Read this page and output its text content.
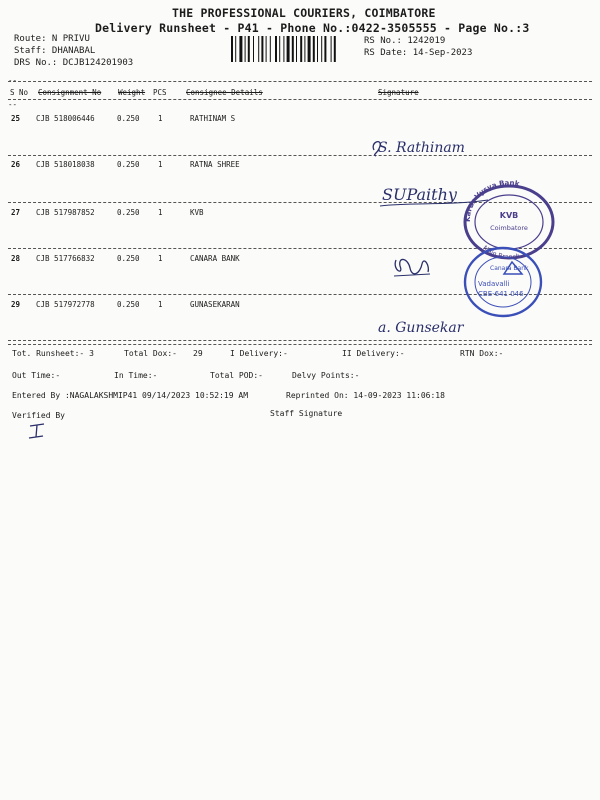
THE PROFESSIONAL COURIERS, COIMBATORE
Delivery Runsheet - P41 - Phone No.:0422-3505555 - Page No.:3
Route: N PRIVU
Staff: DHANABAL
DRS No.: DCJB124201903
RS No.: 1242019
RS Date: 14-Sep-2023
--
S No Consignment No Weight PCS	Consignee Details	Signature
--
25 CJB 518006446	0.250 1	RATHINAM S
26 CJB 518018038	0.250 1	RATNA SHREE
27 CJB 517987852	0.250 1	KVB
28 CJB 517766832	0.250 1	CANARA BANK
29 CJB 517972778	0.250 1	GUNASEKARAN
S. Rathinam
SUPaithy
a. Gunsekar
Karur Vysya Bank
KVB
Coimbatore
Main Branch
Canara Bank
Vadavalli
CBE-641 046
Tot. Runsheet:- 3	Total Dox:- 29	I Delivery:-	II Delivery:-	RTN Dox:-
Out Time:-	In Time:-	Total POD:-	Delvy Points:-
Entered By :NAGALAKSHMIP41 09/14/2023 10:52:19 AM	Reprinted On: 14-09-2023 11:06:18
Verified By	Staff Signature
